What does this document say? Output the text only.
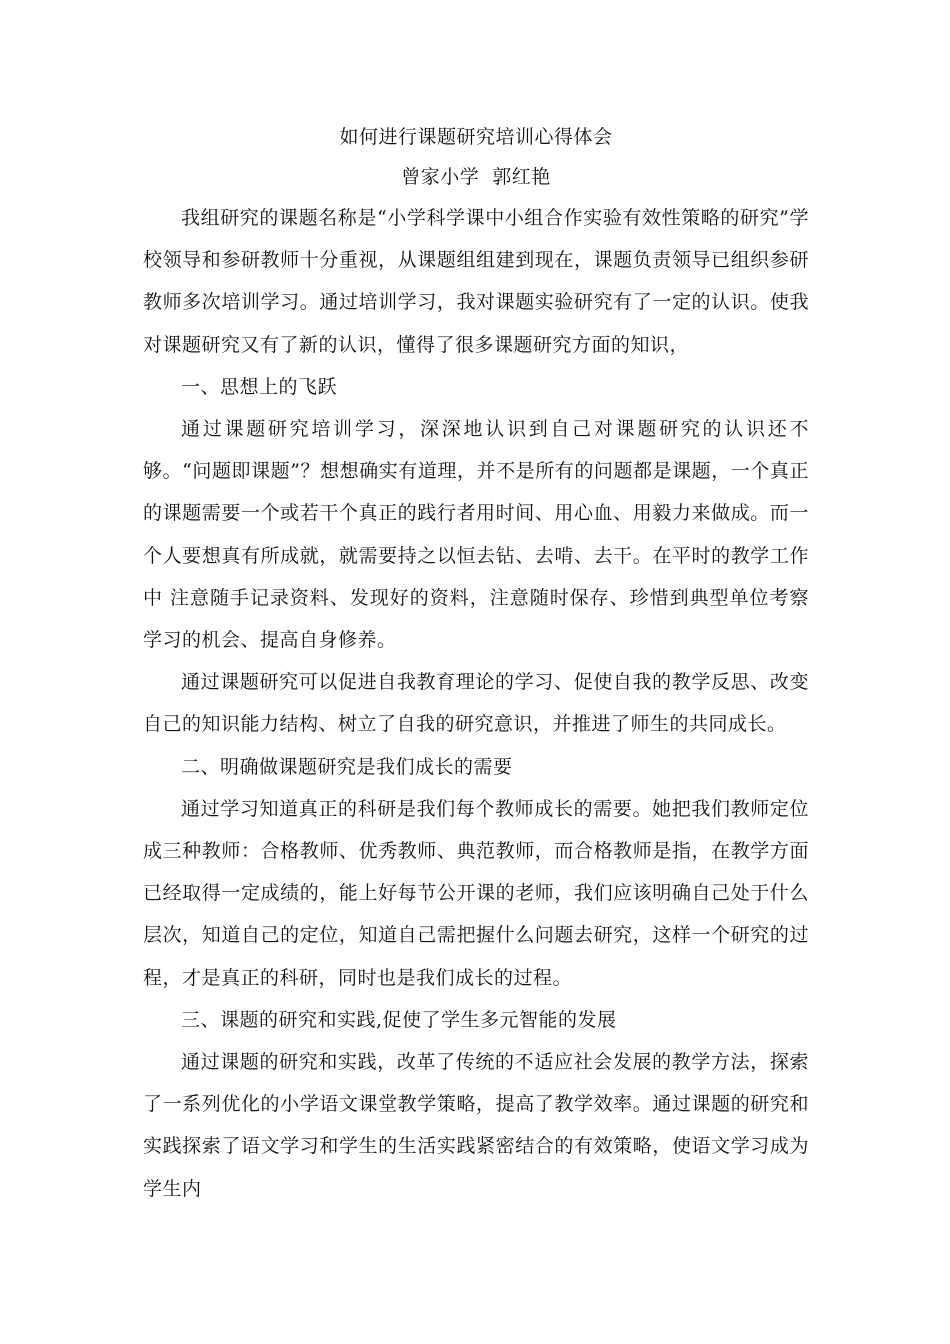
如何进行课题研究培训心得体会
曾家小学  郭红艳

我组研究的课题名称是“小学科学课中小组合作实验有效性策略的研究”学校领导和参研教师十分重视，从课题组组建到现在，课题负责领导已组织参研教师多次培训学习。通过培训学习，我对课题实验研究有了一定的认识。使我对课题研究又有了新的认识，懂得了很多课题研究方面的知识，

一、思想上的飞跃

通过课题研究培训学习，深深地认识到自己对课题研究的认识还不够。“问题即课题”？想想确实有道理，并不是所有的问题都是课题，一个真正的课题需要一个或若干个真正的践行者用时间、用心血、用毅力来做成。而一个人要想真有所成就，就需要持之以恒去钻、去啃、去干。在平时的教学工作中 注意随手记录资料、发现好的资料，注意随时保存、珍惜到典型单位考察学习的机会、提高自身修养。

通过课题研究可以促进自我教育理论的学习、促使自我的教学反思、改变自己的知识能力结构、树立了自我的研究意识，并推进了师生的共同成长。

二、明确做课题研究是我们成长的需要

通过学习知道真正的科研是我们每个教师成长的需要。她把我们教师定位成三种教师：合格教师、优秀教师、典范教师，而合格教师是指，在教学方面已经取得一定成绩的，能上好每节公开课的老师，我们应该明确自己处于什么层次，知道自己的定位，知道自己需把握什么问题去研究，这样一个研究的过程，才是真正的科研，同时也是我们成长的过程。

三、课题的研究和实践,促使了学生多元智能的发展

通过课题的研究和实践，改革了传统的不适应社会发展的教学方法，探索了一系列优化的小学语文课堂教学策略，提高了教学效率。通过课题的研究和实践探索了语文学习和学生的生活实践紧密结合的有效策略，使语文学习成为学生内
